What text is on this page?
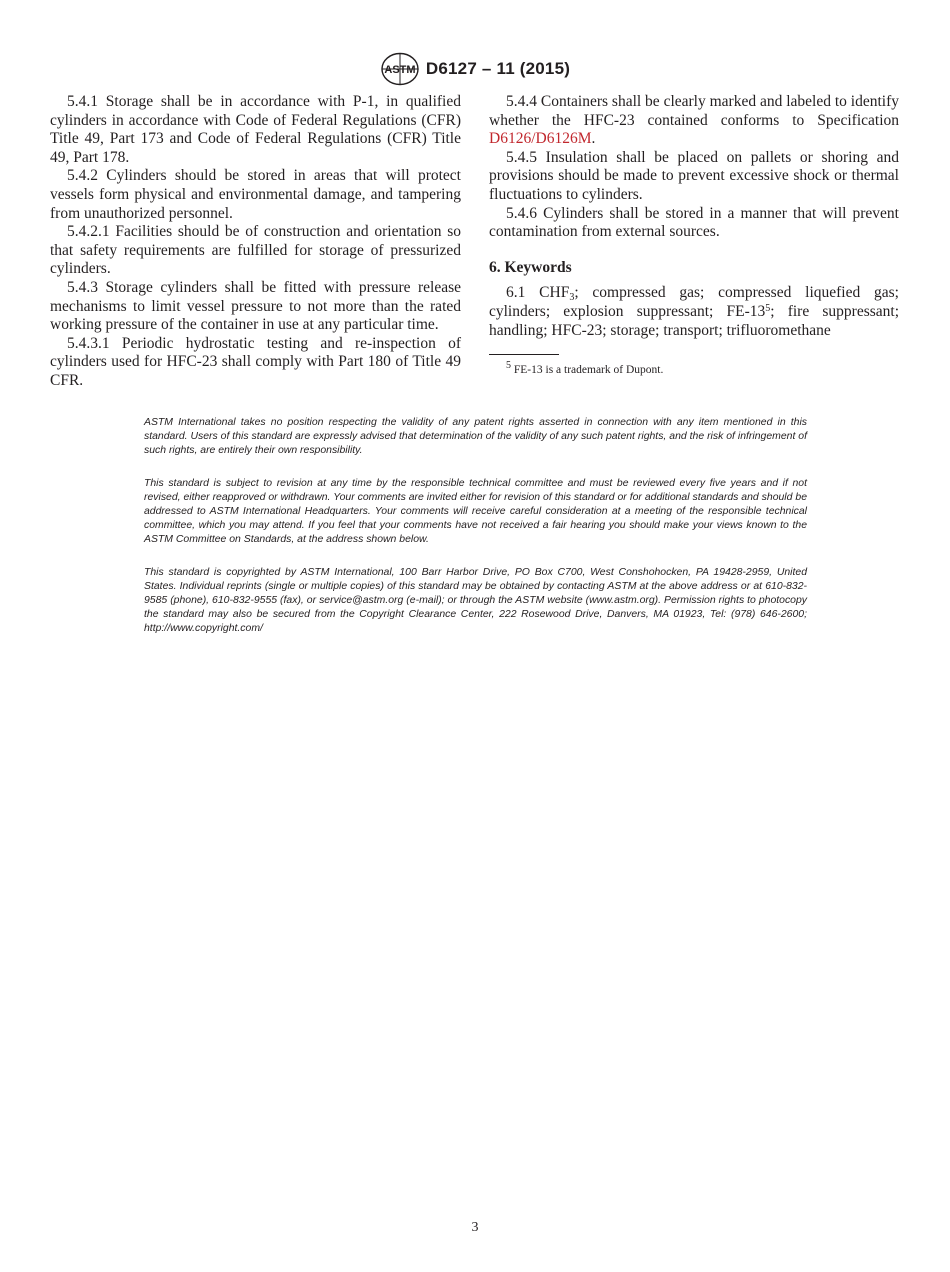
ASTM D6127 – 11 (2015)

5.4.1 Storage shall be in accordance with P-1, in qualified cylinders in accordance with Code of Federal Regulations (CFR) Title 49, Part 173 and Code of Federal Regulations (CFR) Title 49, Part 178.

5.4.2 Cylinders should be stored in areas that will protect vessels form physical and environmental damage, and tampering from unauthorized personnel.

5.4.2.1 Facilities should be of construction and orientation so that safety requirements are fulfilled for storage of pressurized cylinders.

5.4.3 Storage cylinders shall be fitted with pressure release mechanisms to limit vessel pressure to not more than the rated working pressure of the container in use at any particular time.

5.4.3.1 Periodic hydrostatic testing and re-inspection of cylinders used for HFC-23 shall comply with Part 180 of Title 49 CFR.

5.4.4 Containers shall be clearly marked and labeled to identify whether the HFC-23 contained conforms to Specification D6126/D6126M.

5.4.5 Insulation shall be placed on pallets or shoring and provisions should be made to prevent excessive shock or thermal fluctuations to cylinders.

5.4.6 Cylinders shall be stored in a manner that will prevent contamination from external sources.

6. Keywords

6.1 $CHF_3$; compressed gas; compressed liquefied gas; cylinders; explosion suppressant; $FE-13^5$; fire suppressant; handling; HFC-23; storage; transport; trifluoromethane

$^5$ FE-13 is a trademark of Dupont.

ASTM International takes no position respecting the validity of any patent rights asserted in connection with any item mentioned in this standard. Users of this standard are expressly advised that determination of the validity of any such patent rights, and the risk of infringement of such rights, are entirely their own responsibility.

This standard is subject to revision at any time by the responsible technical committee and must be reviewed every five years and if not revised, either reapproved or withdrawn. Your comments are invited either for revision of this standard or for additional standards and should be addressed to ASTM International Headquarters. Your comments will receive careful consideration at a meeting of the responsible technical committee, which you may attend. If you feel that your comments have not received a fair hearing you should make your views known to the ASTM Committee on Standards, at the address shown below.

This standard is copyrighted by ASTM International, 100 Barr Harbor Drive, PO Box C700, West Conshohocken, PA 19428-2959, United States. Individual reprints (single or multiple copies) of this standard may be obtained by contacting ASTM at the above address or at 610-832-9585 (phone), 610-832-9555 (fax), or service@astm.org (e-mail); or through the ASTM website (www.astm.org). Permission rights to photocopy the standard may also be secured from the Copyright Clearance Center, 222 Rosewood Drive, Danvers, MA 01923, Tel: (978) 646-2600; http://www.copyright.com/

3
